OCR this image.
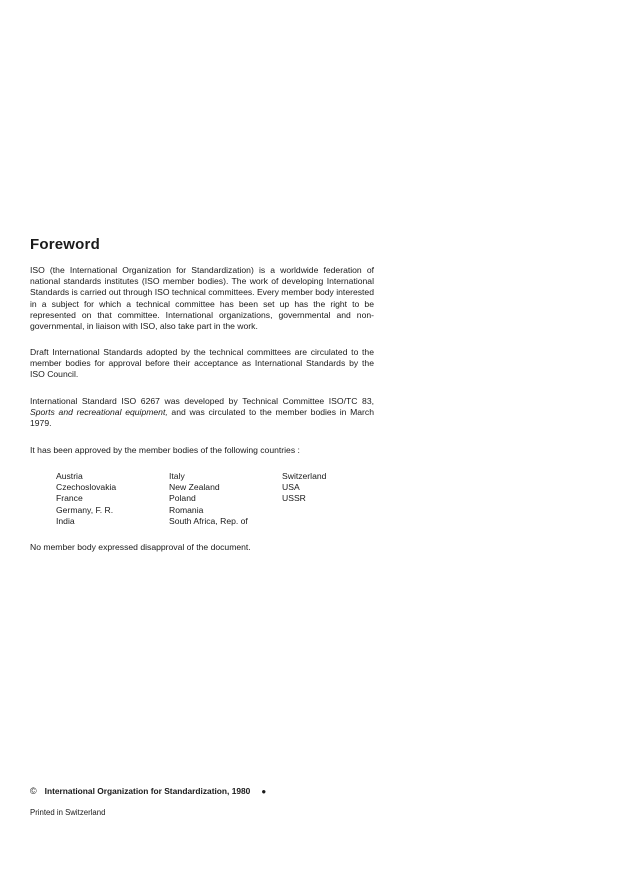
Foreword

ISO (the International Organization for Standardization) is a worldwide federation of national standards institutes (ISO member bodies). The work of developing International Standards is carried out through ISO technical committees. Every member body interested in a subject for which a technical committee has been set up has the right to be represented on that committee. International organizations, governmental and non-governmental, in liaison with ISO, also take part in the work.

Draft International Standards adopted by the technical committees are circulated to the member bodies for approval before their acceptance as International Standards by the ISO Council.

International Standard ISO 6267 was developed by Technical Committee ISO/TC 83, Sports and recreational equipment, and was circulated to the member bodies in March 1979.

It has been approved by the member bodies of the following countries :

Austria
Czechoslovakia
France
Germany, F. R.
India
Italy
New Zealand
Poland
Romania
South Africa, Rep. of
Switzerland
USA
USSR

No member body expressed disapproval of the document.

© International Organization for Standardization, 1980 ●
Printed in Switzerland
